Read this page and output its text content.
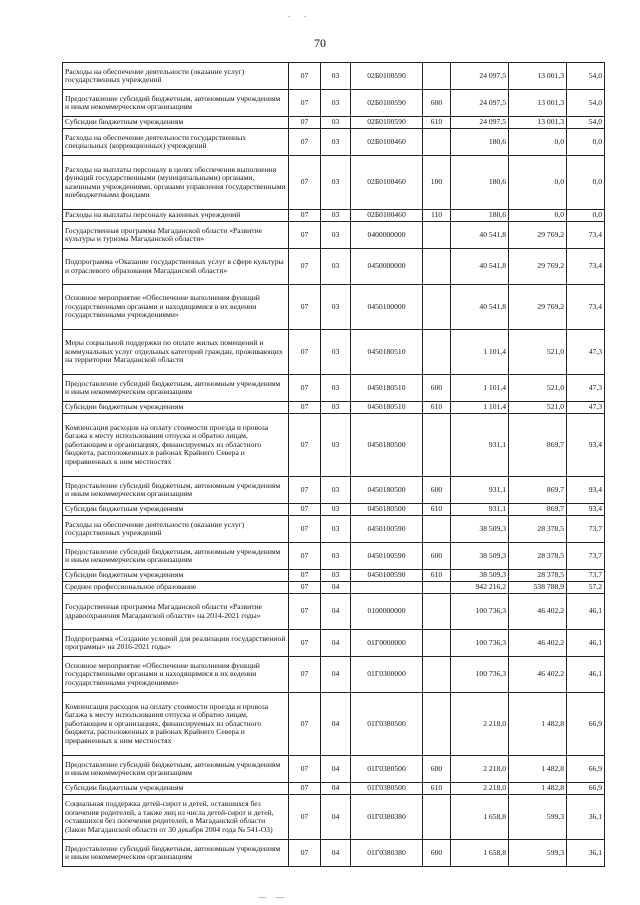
. .
70
Расходы на обеспечение деятельности (оказание услуг) государственных учреждений	07	03	02Б0100590		24 097,5	13 001,3	54,0
Предоставление субсидий бюджетным, автономным учреждениям и иным некоммерческим организациям	07	03	02Б0100590	600	24 097,5	13 001,3	54,0
Субсидии бюджетным учреждениям	07	03	02Б0100590	610	24 097,5	13 001,3	54,0
Расходы на обеспечение деятельности государственных специальных (коррекционных) учреждений	07	03	02Б0100460		180,6	0,0	0,0
Расходы на выплаты персоналу в целях обеспечения выполнения функций государственными (муниципальными) органами, казенными учреждениями, органами управления государственными внебюджетными фондами	07	03	02Б0100460	100	180,6	0,0	0,0
Расходы на выплаты персоналу казенных учреждений	07	03	02Б0100460	110	180,6	0,0	0,0
Государственная программа Магаданской области «Развитие культуры и туризма Магаданской области»	07	03	0400000000		40 541,8	29 769,2	73,4
Подпрограмма «Оказание государственных услуг в сфере культуры и отраслевого образования Магаданской области»	07	03	0450000000		40 541,8	29 769,2	73,4
Основное мероприятие «Обеспечение выполнения функций государственными органами и находящимися в их ведении государственными учреждениями»	07	03	0450100000		40 541,8	29 769,2	73,4
Меры социальной поддержки по оплате жилых помещений и коммунальных услуг отдельных категорий граждан, проживающих на территории Магаданской области	07	03	0450180510		1 101,4	521,0	47,3
Предоставление субсидий бюджетным, автономным учреждениям и иным некоммерческим организациям	07	03	0450180510	600	1 101,4	521,0	47,3
Субсидии бюджетным учреждениям	07	03	0450180510	610	1 101,4	521,0	47,3
Компенсация расходов на оплату стоимости проезда и провоза багажа к месту использования отпуска и обратно лицам, работающим в организациях, финансируемых из областного бюджета, расположенных в районах Крайнего Севера и приравненных к ним местностях	07	03	0450180500		931,1	869,7	93,4
Предоставление субсидий бюджетным, автономным учреждениям и иным некоммерческим организациям	07	03	0450180500	600	931,1	869,7	93,4
Субсидии бюджетным учреждениям	07	03	0450180500	610	931,1	869,7	93,4
Расходы на обеспечение деятельности (оказание услуг) государственных учреждений	07	03	0450100590		38 509,3	28 378,5	73,7
Предоставление субсидий бюджетным, автономным учреждениям и иным некоммерческим организациям	07	03	0450100590	600	38 509,3	28 378,5	73,7
Субсидии бюджетным учреждениям	07	03	0450100590	610	38 509,3	28 378,5	73,7
Среднее профессиональное образование	07	04			942 216,2	538 788,9	57,2
Государственная программа Магаданской области «Развитие здравоохранения Магаданской области» на 2014-2021 годы»	07	04	0100000000		100 736,3	46 402,2	46,1
Подпрограмма «Создание условий для реализации государственной программы» на 2016-2021 годы»	07	04	01Г0000000		100 736,3	46 402,2	46,1
Основное мероприятие «Обеспечение выполнения функций государственными органами и находящимися в их ведении государственными учреждениями»	07	04	01Г0300000		100 736,3	46 402,2	46,1
Компенсация расходов на оплату стоимости проезда и провоза багажа к месту использования отпуска и обратно лицам, работающим в организациях, финансируемых из областного бюджета, расположенных в районах Крайнего Севера и приравненных к ним местностях	07	04	01Г0380500		2 218,0	1 482,8	66,9
Предоставление субсидий бюджетным, автономным учреждениям и иным некоммерческим организациям	07	04	01Г0380500	600	2 218,0	1 482,8	66,9
Субсидии бюджетным учреждениям	07	04	01Г0380500	610	2 218,0	1 482,8	66,9
Социальная поддержка детей-сирот и детей, оставшихся без попечения родителей, а также лиц из числа детей-сирот и детей, оставшихся без попечения родителей, в Магаданской области (Закон Магаданской области от 30 декабря 2004 года № 541-ОЗ)	07	04	01Г0380380		1 658,8	599,3	36,1
Предоставление субсидий бюджетным, автономным учреждениям и иным некоммерческим организациям	07	04	01Г0380380	600	1 658,8	599,3	36,1
— —
